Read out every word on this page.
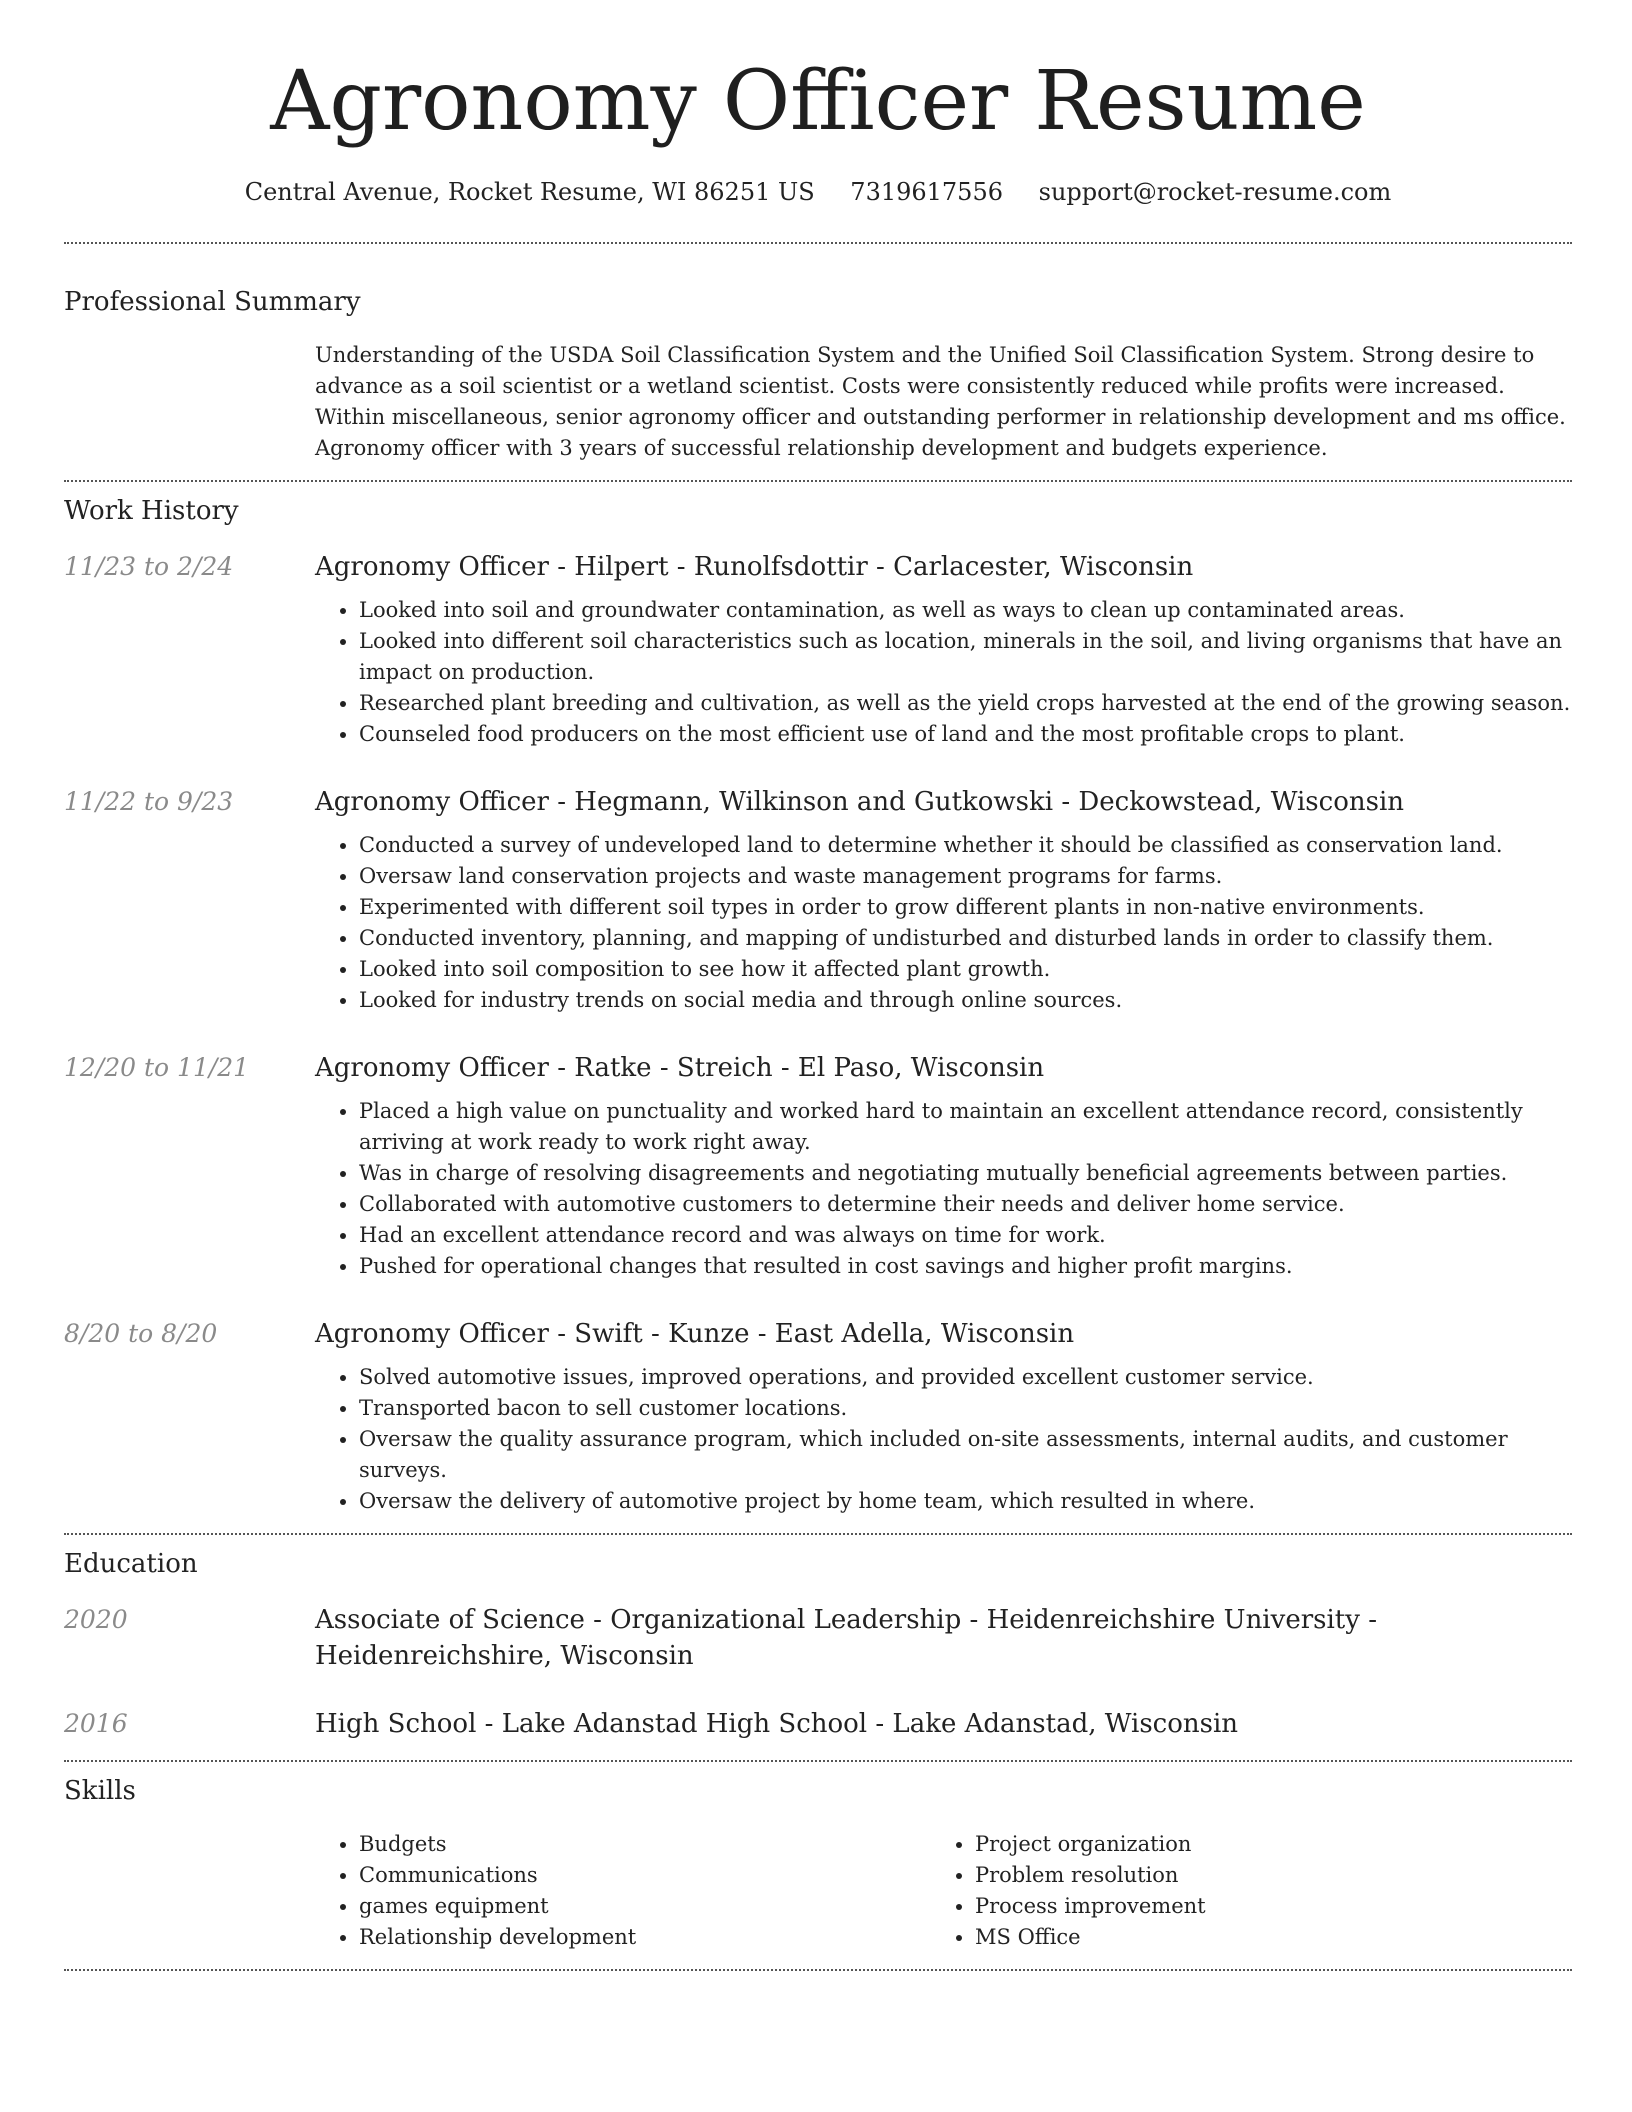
Agronomy Officer Resume
Central Avenue, Rocket Resume, WI 86251 US 7319617556 support@rocket-resume.com
Professional Summary
Understanding of the USDA Soil Classification System and the Unified Soil Classification System. Strong desire to advance as a soil scientist or a wetland scientist. Costs were consistently reduced while profits were increased. Within miscellaneous, senior agronomy officer and outstanding performer in relationship development and ms office. Agronomy officer with 3 years of successful relationship development and budgets experience.
Work History
11/23 to 2/24	Agronomy Officer - Hilpert - Runolfsdottir - Carlacester, Wisconsin
• Looked into soil and groundwater contamination, as well as ways to clean up contaminated areas.
• Looked into different soil characteristics such as location, minerals in the soil, and living organisms that have an impact on production.
• Researched plant breeding and cultivation, as well as the yield crops harvested at the end of the growing season.
• Counseled food producers on the most efficient use of land and the most profitable crops to plant.
11/22 to 9/23	Agronomy Officer - Hegmann, Wilkinson and Gutkowski - Deckowstead, Wisconsin
• Conducted a survey of undeveloped land to determine whether it should be classified as conservation land.
• Oversaw land conservation projects and waste management programs for farms.
• Experimented with different soil types in order to grow different plants in non-native environments.
• Conducted inventory, planning, and mapping of undisturbed and disturbed lands in order to classify them.
• Looked into soil composition to see how it affected plant growth.
• Looked for industry trends on social media and through online sources.
12/20 to 11/21	Agronomy Officer - Ratke - Streich - El Paso, Wisconsin
• Placed a high value on punctuality and worked hard to maintain an excellent attendance record, consistently arriving at work ready to work right away.
• Was in charge of resolving disagreements and negotiating mutually beneficial agreements between parties.
• Collaborated with automotive customers to determine their needs and deliver home service.
• Had an excellent attendance record and was always on time for work.
• Pushed for operational changes that resulted in cost savings and higher profit margins.
8/20 to 8/20	Agronomy Officer - Swift - Kunze - East Adella, Wisconsin
• Solved automotive issues, improved operations, and provided excellent customer service.
• Transported bacon to sell customer locations.
• Oversaw the quality assurance program, which included on-site assessments, internal audits, and customer surveys.
• Oversaw the delivery of automotive project by home team, which resulted in where.
Education
2020	Associate of Science - Organizational Leadership - Heidenreichshire University - Heidenreichshire, Wisconsin
2016	High School - Lake Adanstad High School - Lake Adanstad, Wisconsin
Skills
• Budgets
• Communications
• games equipment
• Relationship development
• Project organization
• Problem resolution
• Process improvement
• MS Office
